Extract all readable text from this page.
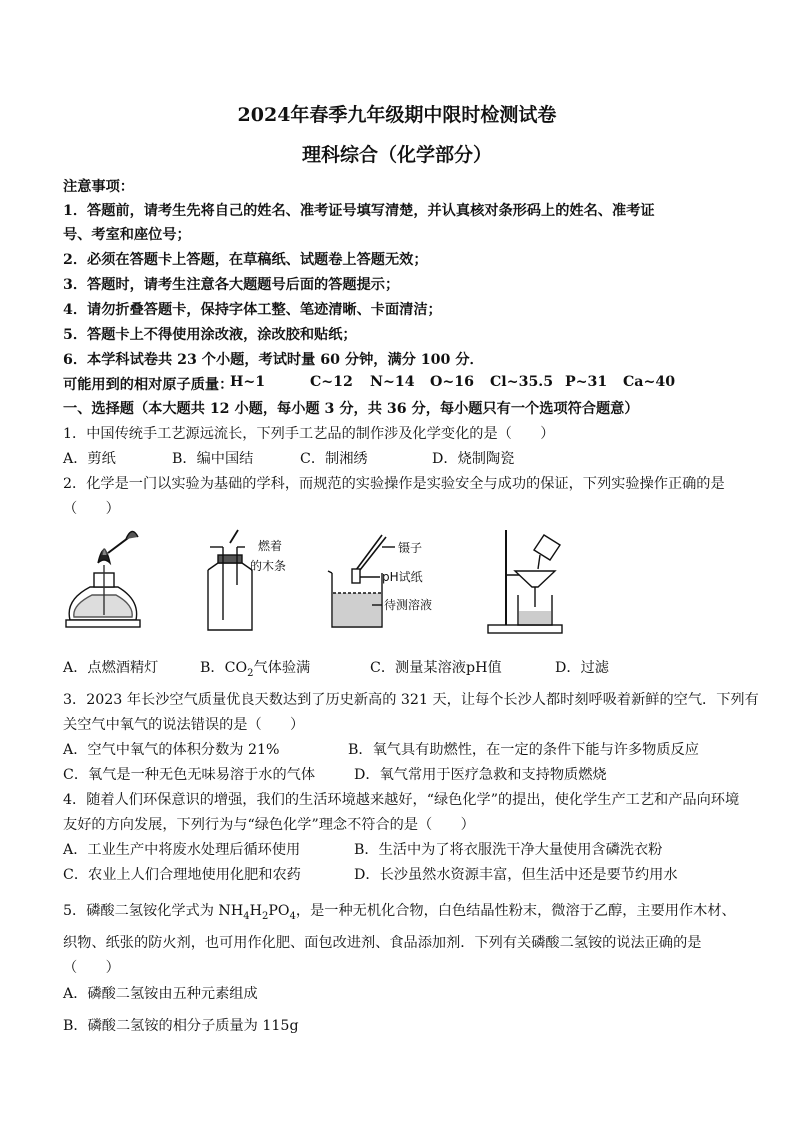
2024年春季九年级期中限时检测试卷
理科综合（化学部分）
注意事项：
1．答题前，请考生先将自己的姓名、准考证号填写清楚，并认真核对条形码上的姓名、准考证
号、考室和座位号；
2．必须在答题卡上答题，在草稿纸、试题卷上答题无效；
3．答题时，请考生注意各大题题号后面的答题提示；
4．请勿折叠答题卡，保持字体工整、笔迹清晰、卡面清洁；
5．答题卡上不得使用涂改液，涂改胶和贴纸；
6．本学科试卷共 23 个小题，考试时量 60 分钟，满分 100 分．
可能用到的相对原子质量：
H~1	C~12 N~14 O~16 Cl~35.5 P~31 Ca~40
一、选择题（本大题共 12 小题，每小题 3 分，共 36 分，每小题只有一个选项符合题意）
1．中国传统手工艺源远流长，下列手工艺品的制作涉及化学变化的是（　　）
A．剪纸	B．编中国结	C．制湘绣	D．烧制陶瓷
2．化学是一门以实验为基础的学科，而规范的实验操作是实验安全与成功的保证，下列实验操作正确的是
（　　）
燃着
的木条
镊子
pH试纸
待测溶液
A．点燃酒精灯	B．$CO_2$气体验满	C．测量某溶液pH值	D．过滤
3．2023 年长沙空气质量优良天数达到了历史新高的 321 天，让每个长沙人都时刻呼吸着新鲜的空气．下列有
关空气中氧气的说法错误的是（　　）
A．空气中氧气的体积分数为 21%	B．氧气具有助燃性，在一定的条件下能与许多物质反应
C．氧气是一种无色无味易溶于水的气体	D．氧气常用于医疗急救和支持物质燃烧
4．随着人们环保意识的增强，我们的生活环境越来越好，“绿色化学”的提出，使化学生产工艺和产品向环境
友好的方向发展，下列行为与“绿色化学”理念不符合的是（　　）
A．工业生产中将废水处理后循环使用	B．生活中为了将衣服洗干净大量使用含磷洗衣粉
C．农业上人们合理地使用化肥和农药	D．长沙虽然水资源丰富，但生活中还是要节约用水
5．磷酸二氢铵化学式为 $NH_4H_2PO_4$，是一种无机化合物，白色结晶性粉末，微溶于乙醇，主要用作木材、
织物、纸张的防火剂，也可用作化肥、面包改进剂、食品添加剂．下列有关磷酸二氢铵的说法正确的是
（　　）
A．磷酸二氢铵由五种元素组成
B．磷酸二氢铵的相分子质量为 115g
